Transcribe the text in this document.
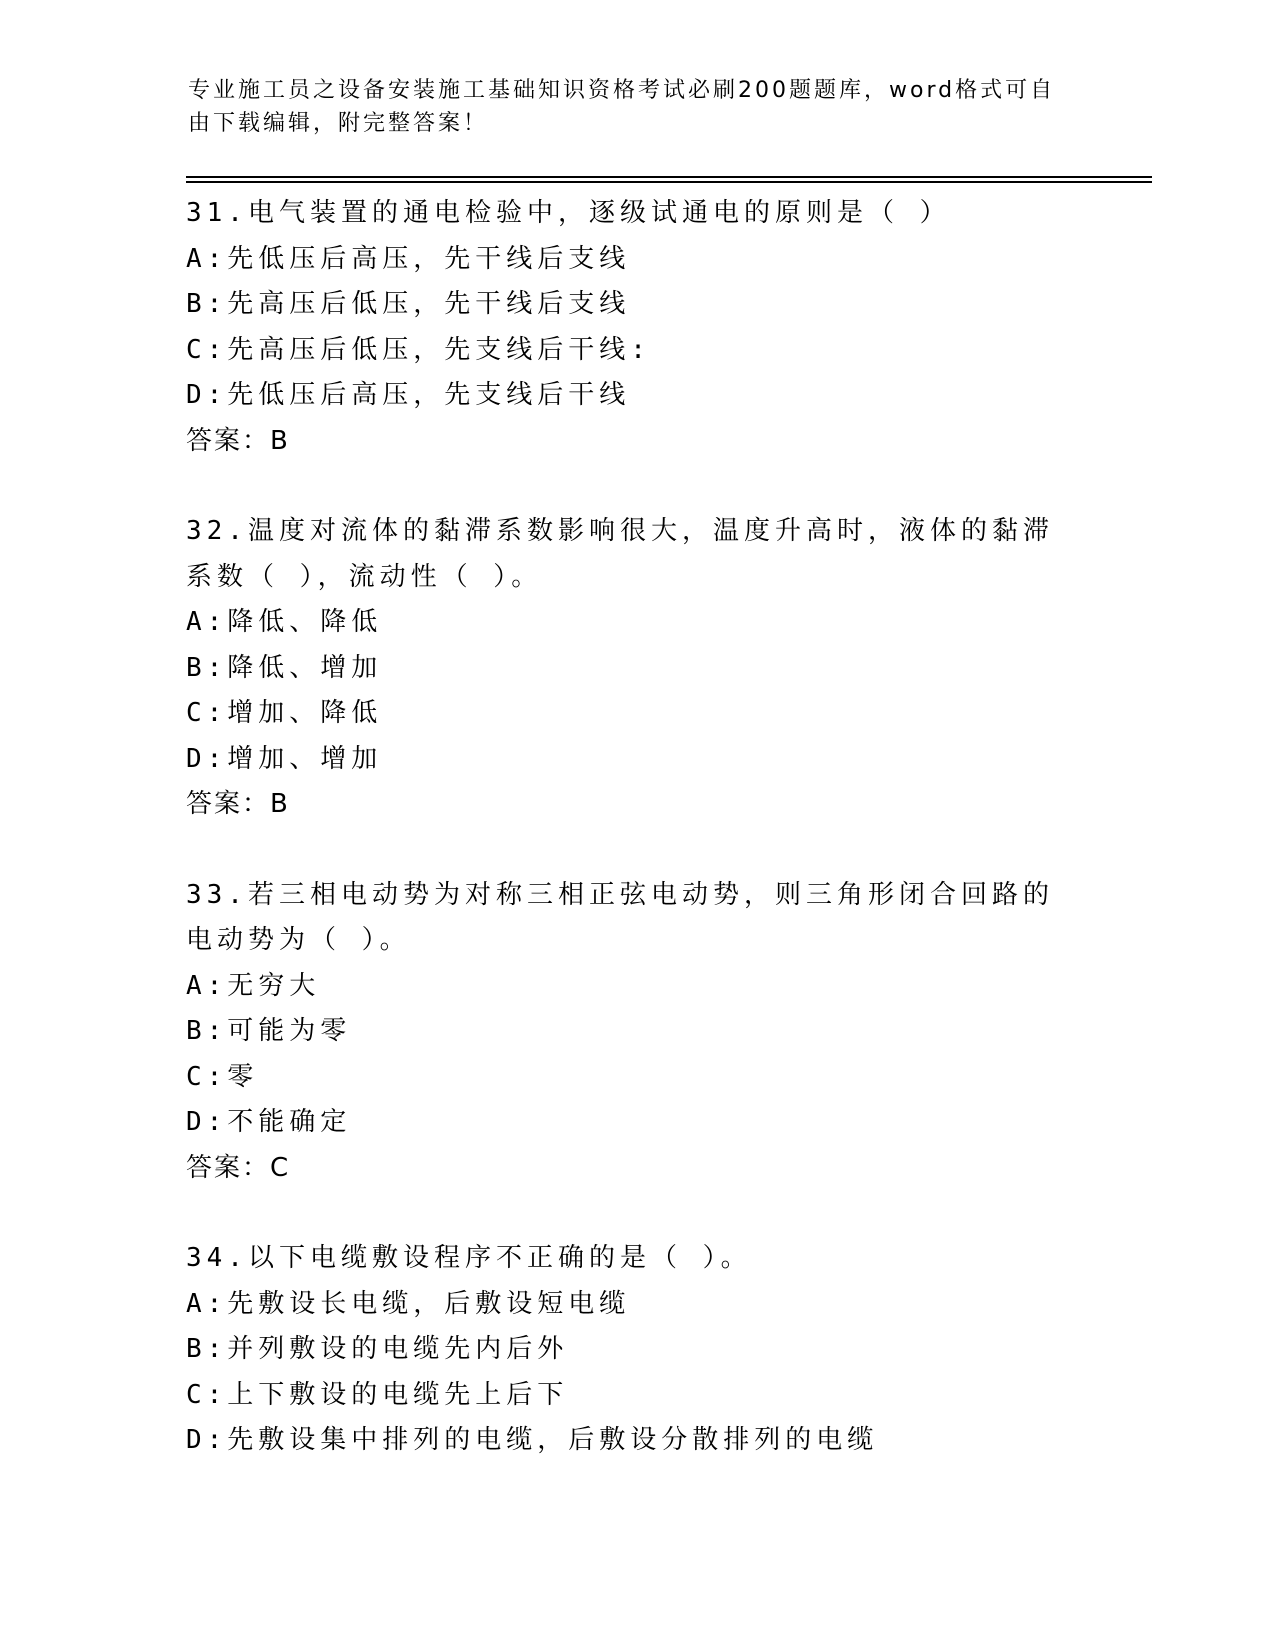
专业施工员之设备安装施工基础知识资格考试必刷200题题库，word格式可自由下载编辑，附完整答案！
31.电气装置的通电检验中，逐级试通电的原则是（ ）
A:先低压后高压，先干线后支线
B:先高压后低压，先干线后支线
C:先高压后低压，先支线后干线:
D:先低压后高压，先支线后干线
答案：B
32.温度对流体的黏滞系数影响很大，温度升高时，液体的黏滞系数（ ），流动性（ ）。
A:降低、降低
B:降低、增加
C:增加、降低
D:增加、增加
答案：B
33.若三相电动势为对称三相正弦电动势，则三角形闭合回路的电动势为（ ）。
A:无穷大
B:可能为零
C:零
D:不能确定
答案：C
34.以下电缆敷设程序不正确的是（ ）。
A:先敷设长电缆，后敷设短电缆
B:并列敷设的电缆先内后外
C:上下敷设的电缆先上后下
D:先敷设集中排列的电缆，后敷设分散排列的电缆
